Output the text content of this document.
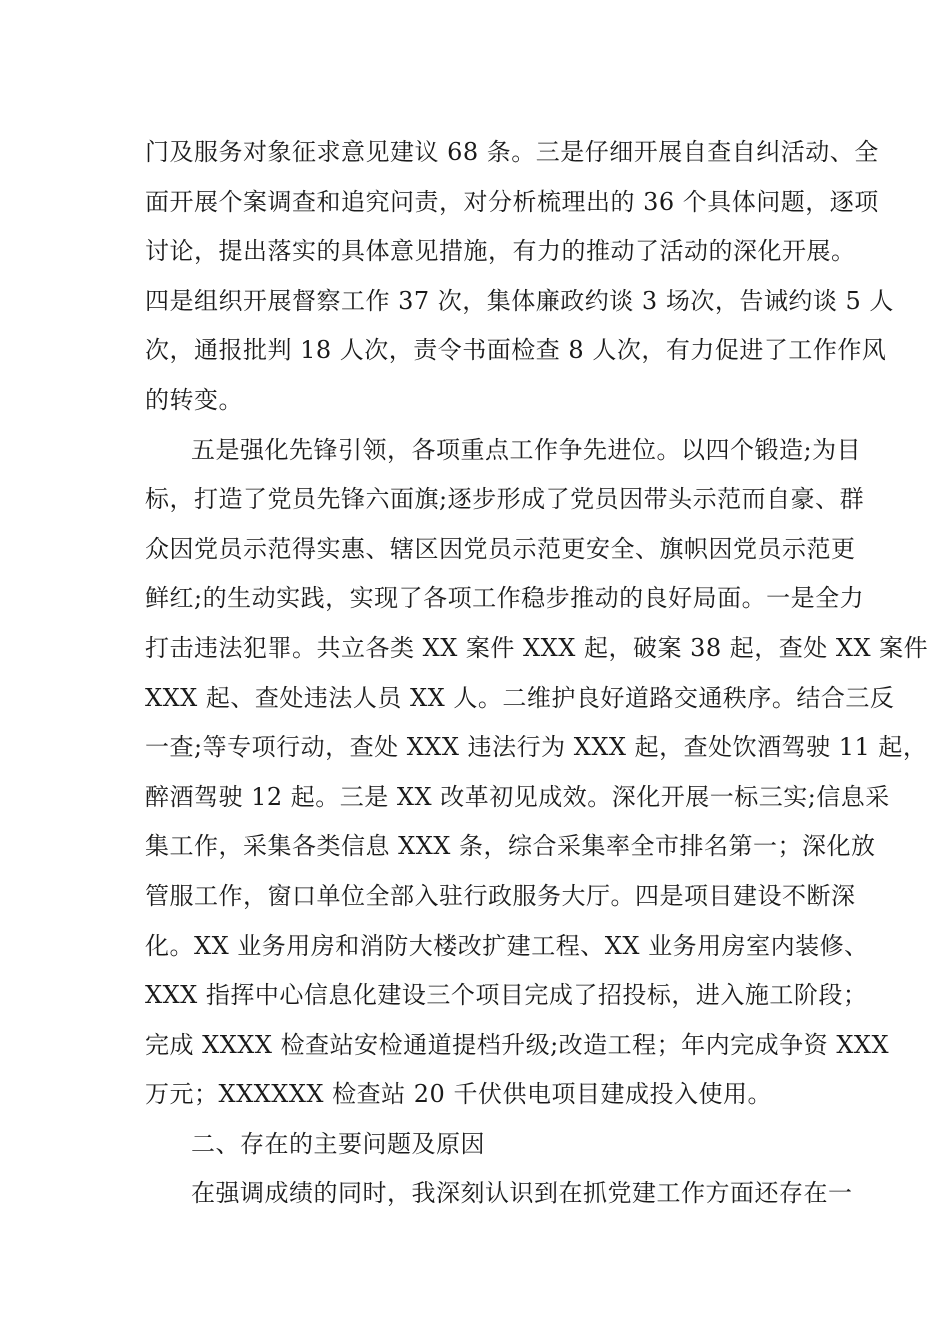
门及服务对象征求意见建议 68 条。三是仔细开展自查自纠活动、全
面开展个案调查和追究问责，对分析梳理出的 36 个具体问题，逐项
讨论，提出落实的具体意见措施，有力的推动了活动的深化开展。
四是组织开展督察工作 37 次，集体廉政约谈 3 场次，告诫约谈 5 人
次，通报批判 18 人次，责令书面检查 8 人次，有力促进了工作作风
的转变。
五是强化先锋引领，各项重点工作争先进位。以四个锻造;为目
标，打造了党员先锋六面旗;逐步形成了党员因带头示范而自豪、群
众因党员示范得实惠、辖区因党员示范更安全、旗帜因党员示范更
鲜红;的生动实践，实现了各项工作稳步推动的良好局面。一是全力
打击违法犯罪。共立各类 XX 案件 XXX 起，破案 38 起，查处 XX 案件
XXX 起、查处违法人员 XX 人。二维护良好道路交通秩序。结合三反
一查;等专项行动，查处 XXX 违法行为 XXX 起，查处饮酒驾驶 11 起，
醉酒驾驶 12 起。三是 XX 改革初见成效。深化开展一标三实;信息采
集工作，采集各类信息 XXX 条，综合采集率全市排名第一；深化放
管服工作，窗口单位全部入驻行政服务大厅。四是项目建设不断深
化。XX 业务用房和消防大楼改扩建工程、XX 业务用房室内装修、
XXX 指挥中心信息化建设三个项目完成了招投标，进入施工阶段；
完成 XXXX 检查站安检通道提档升级;改造工程；年内完成争资 XXX
万元；XXXXXX 检查站 20 千伏供电项目建成投入使用。
二、存在的主要问题及原因
在强调成绩的同时，我深刻认识到在抓党建工作方面还存在一
